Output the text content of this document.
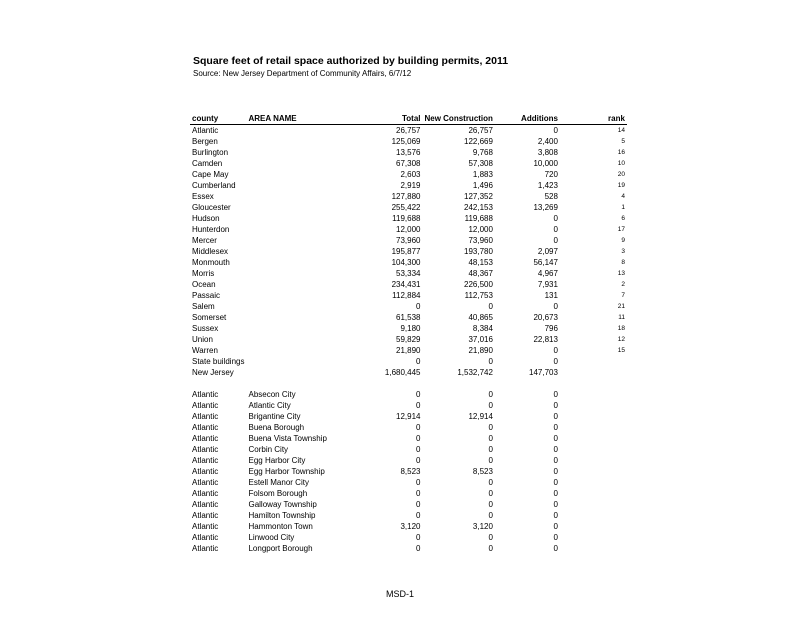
Square feet of retail space authorized by building permits, 2011
Source: New Jersey Department of Community Affairs, 6/7/12
county	AREA NAME	Total	New Construction	Additions		rank
Atlantic		26,757	26,757	0		14
Bergen		125,069	122,669	2,400		5
Burlington		13,576	9,768	3,808		16
Camden		67,308	57,308	10,000		10
Cape May		2,603	1,883	720		20
Cumberland		2,919	1,496	1,423		19
Essex		127,880	127,352	528		4
Gloucester		255,422	242,153	13,269		1
Hudson		119,688	119,688	0		6
Hunterdon		12,000	12,000	0		17
Mercer		73,960	73,960	0		9
Middlesex		195,877	193,780	2,097		3
Monmouth		104,300	48,153	56,147		8
Morris		53,334	48,367	4,967		13
Ocean		234,431	226,500	7,931		2
Passaic		112,884	112,753	131		7
Salem		0	0	0		21
Somerset		61,538	40,865	20,673		11
Sussex		9,180	8,384	796		18
Union		59,829	37,016	22,813		12
Warren		21,890	21,890	0		15
State buildings		0	0	0		
New Jersey		1,680,445	1,532,742	147,703		

Atlantic	Absecon City	0	0	0		
Atlantic	Atlantic City	0	0	0		
Atlantic	Brigantine City	12,914	12,914	0		
Atlantic	Buena Borough	0	0	0		
Atlantic	Buena Vista Township	0	0	0		
Atlantic	Corbin City	0	0	0		
Atlantic	Egg Harbor City	0	0	0		
Atlantic	Egg Harbor Township	8,523	8,523	0		
Atlantic	Estell Manor City	0	0	0		
Atlantic	Folsom Borough	0	0	0		
Atlantic	Galloway Township	0	0	0		
Atlantic	Hamilton Township	0	0	0		
Atlantic	Hammonton Town	3,120	3,120	0		
Atlantic	Linwood City	0	0	0		
Atlantic	Longport Borough	0	0	0		
MSD-1
